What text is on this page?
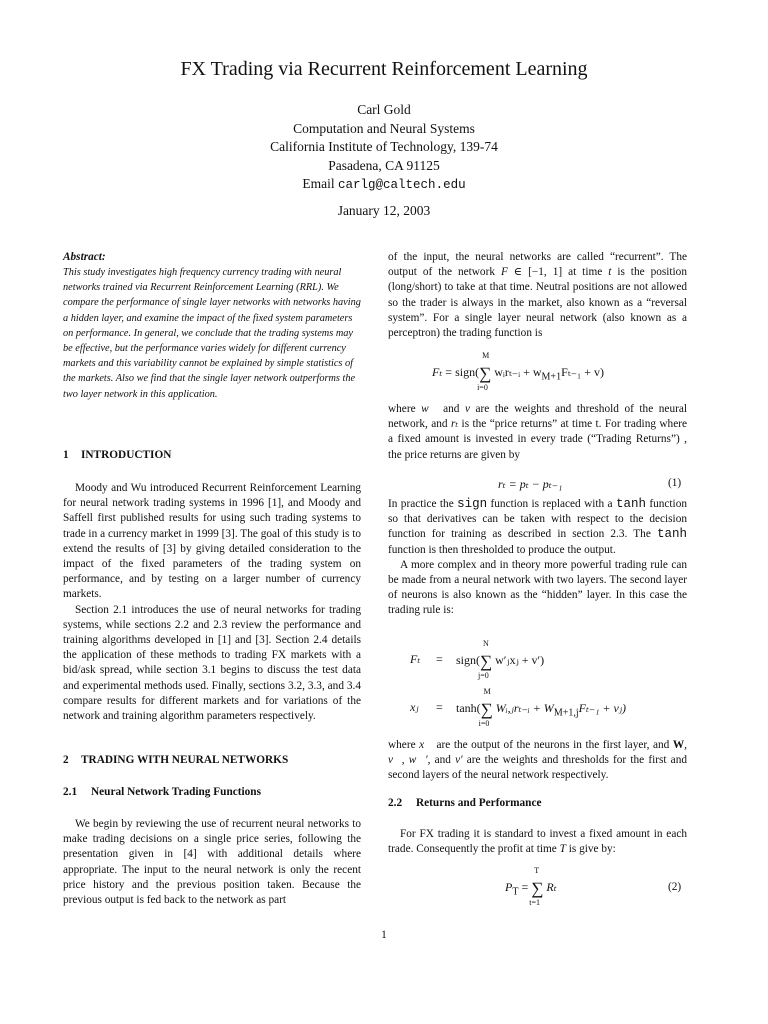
FX Trading via Recurrent Reinforcement Learning
Carl Gold
Computation and Neural Systems
California Institute of Technology, 139-74
Pasadena, CA 91125
Email carlg@caltech.edu
January 12, 2003
Abstract:
This study investigates high frequency currency trading with neural networks trained via Recurrent Reinforcement Learning (RRL). We compare the performance of single layer networks with networks having a hidden layer, and examine the impact of the fixed system parameters on performance. In general, we conclude that the trading systems may be effective, but the performance varies widely for different currency markets and this variability cannot be explained by simple statistics of the markets. Also we find that the single layer network outperforms the two layer network in this application.
1 INTRODUCTION

Moody and Wu introduced Recurrent Reinforcement Learning for neural network trading systems in 1996 [1], and Moody and Saffell first published results for using such trading systems to trade in a currency market in 1999 [3]. The goal of this study is to extend the results of [3] by giving detailed consideration to the impact of the fixed parameters of the trading system on performance, and by testing on a larger number of currency markets.

Section 2.1 introduces the use of neural networks for trading systems, while sections 2.2 and 2.3 review the performance and training algorithms developed in [1] and [3]. Section 2.4 details the application of these methods to trading FX markets with a bid/ask spread, while section 3.1 begins to discuss the test data and experimental methods used. Finally, sections 3.2, 3.3, and 3.4 compare results for different markets and for variations of the network and training algorithm parameters respectively.

2 TRADING WITH NEURAL NETWORKS
2.1 Neural Network Trading Functions

We begin by reviewing the use of recurrent neural networks to make trading decisions on a single price series, following the presentation given in [4] with additional details where appropriate. The input to the neural network is only the recent price history and the previous position taken. Because the previous output is fed back to the network as part

of the input, the neural networks are called “recurrent”. The output of the network F ∈ [−1, 1] at time t is the position (long/short) to take at that time. Neutral positions are not allowed so the trader is always in the market, also known as a “reversal system”. For a single layer neural network (also known as a perceptron) the trading function is

Fₜ = sign(∑
M
i=0
wᵢrₜ₋ᵢ + $w_{M+1}F_{t-1} + v$)

where w⃗ and v are the weights and threshold of the neural network, and rₜ is the “price returns” at time t. For trading where a fixed amount is invested in every trade (“Trading Returns”) , the price returns are given by

rₜ = pₜ − pₜ₋₁	(1)

In practice the sign function is replaced with a tanh function so that derivatives can be taken with respect to the decision function for training as described in section 2.3. The tanh function is then thresholded to produce the output.

A more complex and in theory more powerful trading rule can be made from a neural network with two layers. The second layer of neurons is also known as the “hidden” layer. In this case the trading rule is:

Fₜ = sign(∑
N
j=0
w′ⱼxⱼ + v′)
xⱼ = tanh(∑
M
i=0
Wᵢ,ⱼrₜ₋ᵢ + $W_{M+1,j}F_{t-1}$ + vⱼ)

where x⃗ are the output of the neurons in the first layer, and W, v⃗, w⃗′, and v′ are the weights and thresholds for the first and second layers of the neural network respectively.

2.2 Returns and Performance

For FX trading it is standard to invest a fixed amount in each trade. Consequently the profit at time T is give by:

$P_T$ = ∑
T
t=1
Rₜ	(2)
1
